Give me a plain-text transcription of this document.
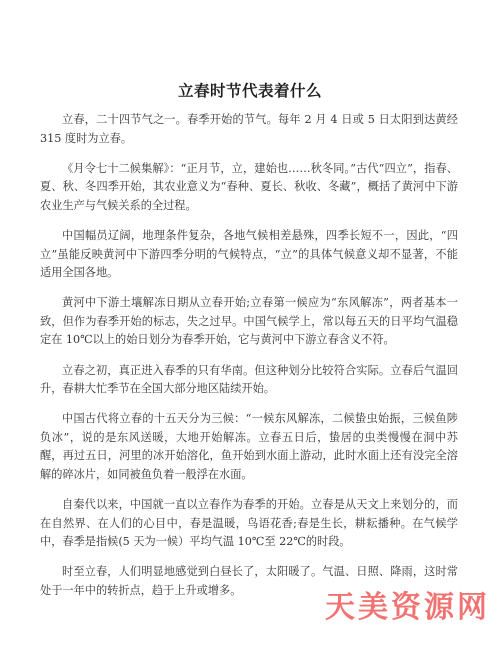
立春时节代表着什么

立春，二十四节气之一。春季开始的节气。每年 2 月 4 日或 5 日太阳到达黄经 315 度时为立春。

《月令七十二候集解》：“正月节，立，建始也……秋冬同。”古代“四立”，指春、夏、秋、冬四季开始，其农业意义为“春种、夏长、秋收、冬藏”，概括了黄河中下游农业生产与气候关系的全过程。

中国幅员辽阔，地理条件复杂，各地气候相差悬殊，四季长短不一，因此，“四立”虽能反映黄河中下游四季分明的气候特点，“立”的具体气候意义却不显著，不能适用全国各地。

黄河中下游土壤解冻日期从立春开始;立春第一候应为“东风解冻”，两者基本一致，但作为春季开始的标志，失之过早。中国气候学上，常以每五天的日平均气温稳定在 10℃以上的始日划分为春季开始，它与黄河中下游立春含义不符。

立春之初，真正进入春季的只有华南。但这种划分比较符合实际。立春后气温回升，春耕大忙季节在全国大部分地区陆续开始。

中国古代将立春的十五天分为三候：“一候东风解冻，二候蛰虫始振，三候鱼陟负冰”，说的是东风送暖，大地开始解冻。立春五日后，蛰居的虫类慢慢在洞中苏醒，再过五日，河里的冰开始溶化，鱼开始到水面上游动，此时水面上还有没完全溶解的碎冰片，如同被鱼负着一般浮在水面。

自秦代以来，中国就一直以立春作为春季的开始。立春是从天文上来划分的，而在自然界、在人们的心目中，春是温暖，鸟语花香;春是生长，耕耘播种。在气候学中，春季是指候(5 天为一候）平均气温 10℃至 22℃的时段。

时至立春，人们明显地感觉到白昼长了，太阳暖了。气温、日照、降雨，这时常处于一年中的转折点，趋于上升或增多。	天美资源网
